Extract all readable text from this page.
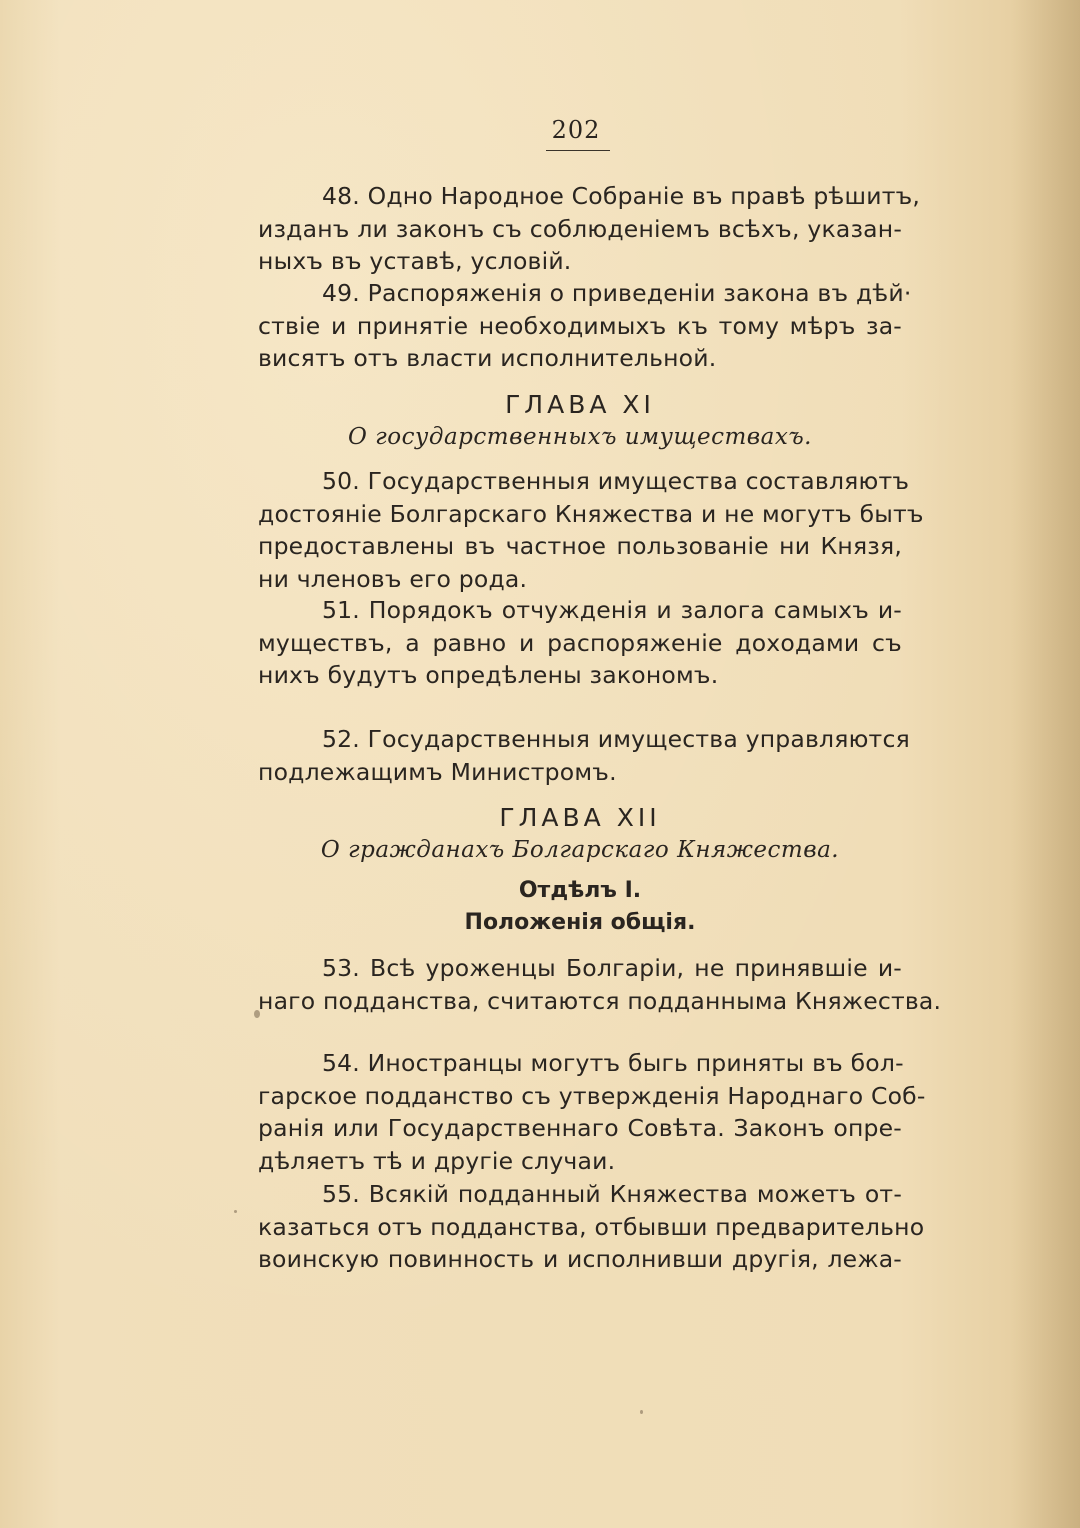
202
48. Одно Народное Собраніе въ правѣ рѣшитъ,
изданъ ли законъ съ соблюденіемъ всѣхъ, указан-
ныхъ въ уставѣ, условій.
49. Распоряженія о приведеніи закона въ дѣй·
ствіе и принятіе необходимыхъ къ тому мѣръ за-
висятъ отъ власти исполнительной.
ГЛАВА XI
О государственныхъ имуществахъ.
50. Государственныя имущества составляютъ
достояніе Болгарскаго Княжества и не могутъ бытъ
предоставлены въ частное пользованіе ни Князя,
ни членовъ его рода.
51. Порядокъ отчужденія и залога самыхъ и-
муществъ, а равно и распоряженіе доходами съ
нихъ будутъ опредѣлены закономъ.
52. Государственныя имущества управляются
подлежащимъ Министромъ.
ГЛАВА XII
О гражданахъ Болгарскаго Княжества.
Отдѣлъ I.
Положенія общія.
53. Всѣ уроженцы Болгаріи, не принявшіе и-
наго подданства, считаются подданныма Княжества.
54. Иностранцы могутъ быгь приняты въ бол-
гарское подданство съ утвержденія Народнаго Соб-
ранія или Государственнаго Совѣта. Законъ опре-
дѣляетъ тѣ и другіе случаи.
55. Всякій подданный Княжества можетъ от-
казаться отъ подданства, отбывши предварительно
воинскую повинность и исполнивши другія, лежа-
